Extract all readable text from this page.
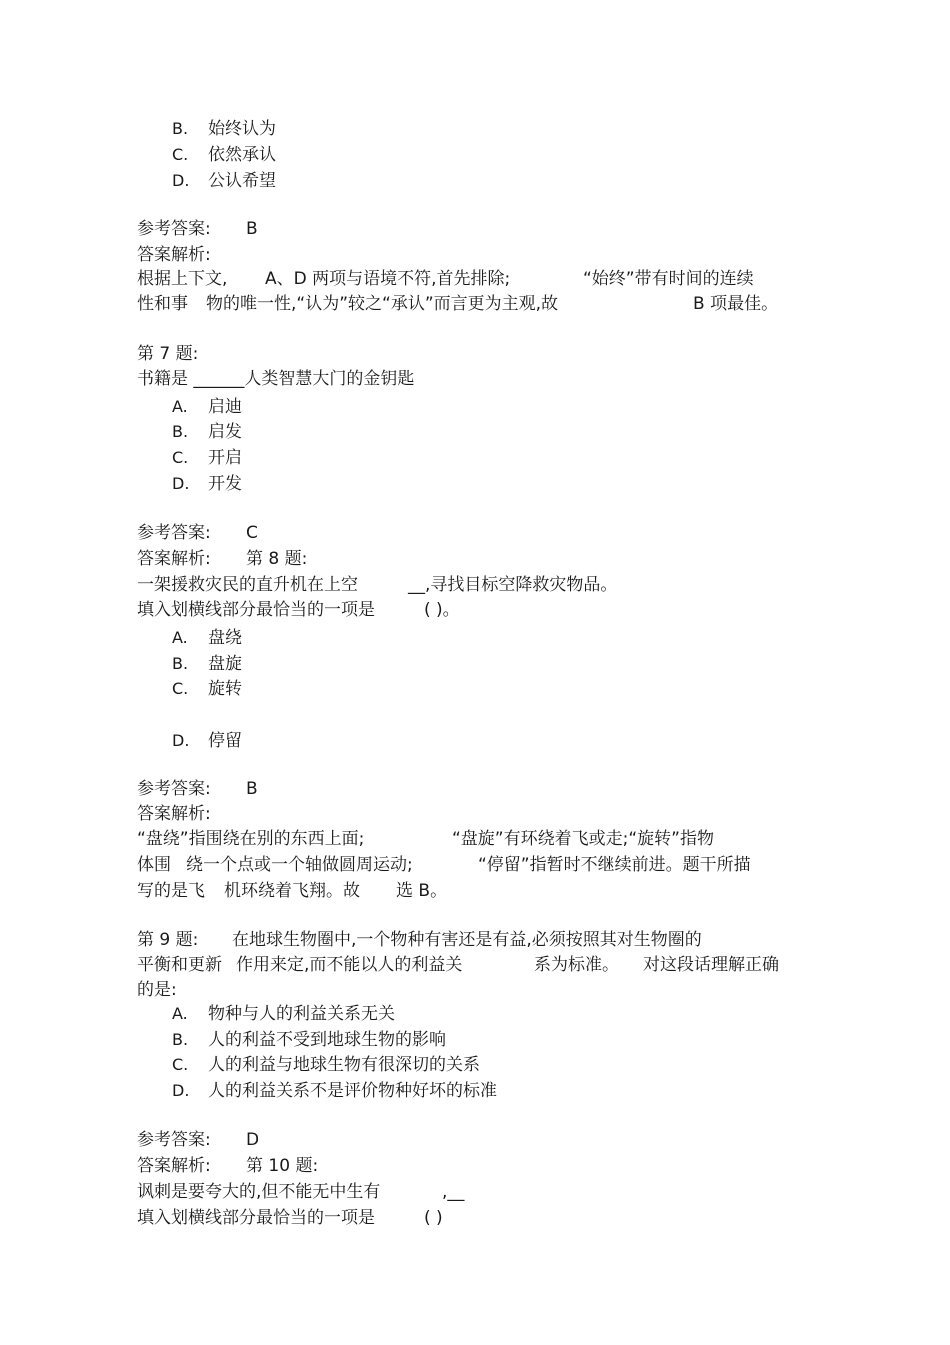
B. 始终认为
C. 依然承认
D. 公认希望
参考答案: B
答案解析:
根据上下文, A、D 两项与语境不符,首先排除;	“始终”带有时间的连续
性和事 物的唯一性,“认为”较之“承认”而言更为主观,故	B 项最佳。
第 7 题:
书籍是 ______人类智慧大门的金钥匙
A. 启迪
B. 启发
C. 开启
D. 开发
参考答案: C
答案解析: 第 8 题:
一架援救灾民的直升机在上空	__,寻找目标空降救灾物品。
填入划横线部分最恰当的一项是	( )。
A. 盘绕
B. 盘旋
C. 旋转
D. 停留
参考答案: B
答案解析:
“盘绕”指围绕在别的东西上面;	“盘旋”有环绕着飞或走;“旋转”指物
体围 绕一个点或一个轴做圆周运动;	“停留”指暂时不继续前进。题干所描
写的是飞 机环绕着飞翔。故 选 B。
第 9 题: 在地球生物圈中,一个物种有害还是有益,必须按照其对生物圈的
平衡和更新 作用来定,而不能以人的利益关	系为标准。 对这段话理解正确
的是:
A. 物种与人的利益关系无关
B. 人的利益不受到地球生物的影响
C. 人的利益与地球生物有很深切的关系
D. 人的利益关系不是评价物种好坏的标准
参考答案: D
答案解析: 第 10 题:
讽刺是要夸大的,但不能无中生有	,__
填入划横线部分最恰当的一项是	( )
